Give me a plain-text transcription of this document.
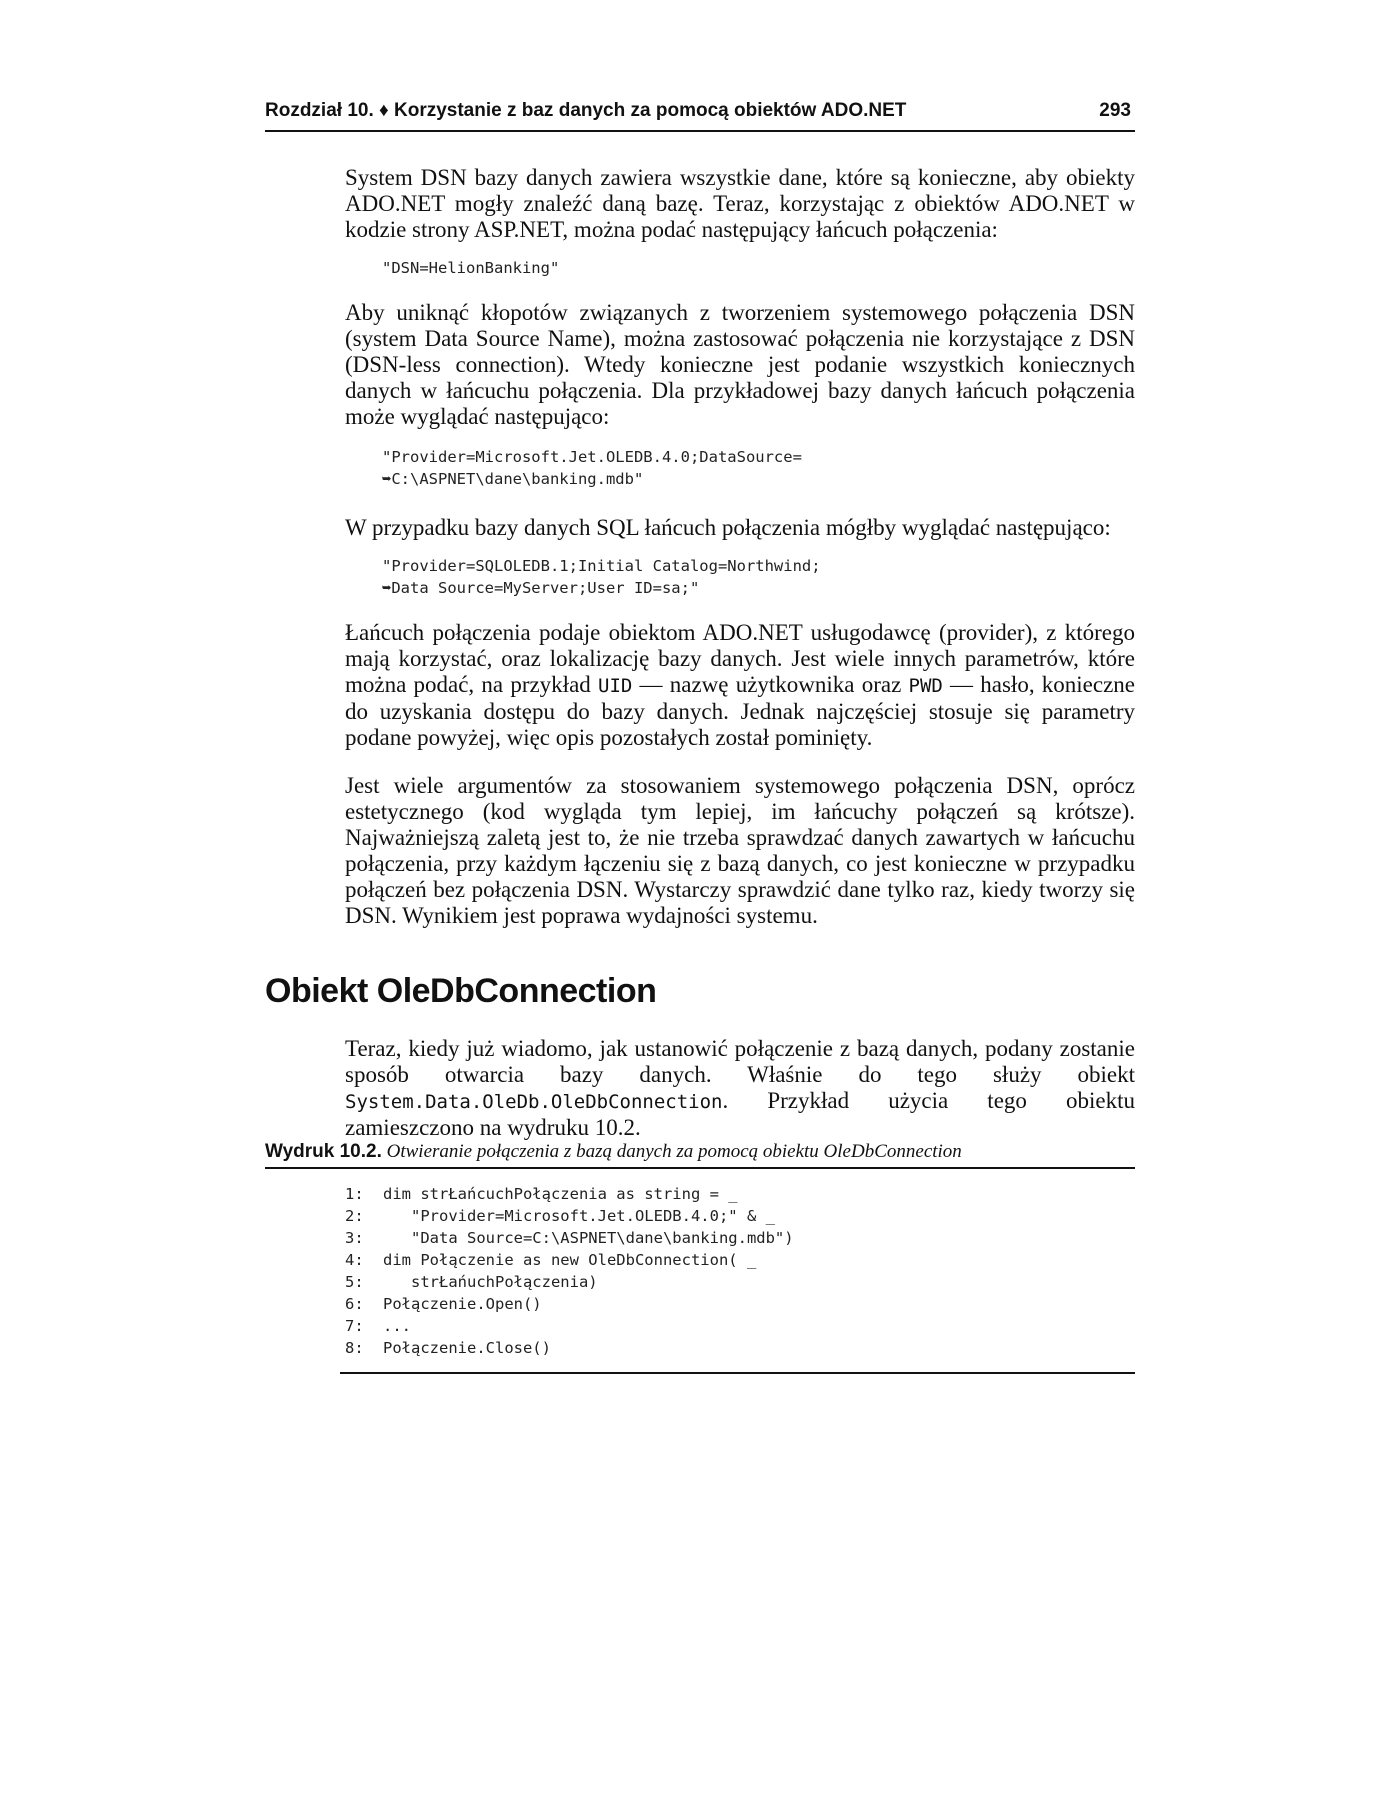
Rozdział 10. ♦ Korzystanie z baz danych za pomocą obiektów ADO.NET	293

System DSN bazy danych zawiera wszystkie dane, które są konieczne, aby obiekty ADO.NET mogły znaleźć daną bazę. Teraz, korzystając z obiektów ADO.NET w kodzie strony ASP.NET, można podać następujący łańcuch połączenia:

"DSN=HelionBanking"

Aby uniknąć kłopotów związanych z tworzeniem systemowego połączenia DSN (system Data Source Name), można zastosować połączenia nie korzystające z DSN (DSN-less connection). Wtedy konieczne jest podanie wszystkich koniecznych danych w łańcuchu połączenia. Dla przykładowej bazy danych łańcuch połączenia może wyglądać następująco:

"Provider=Microsoft.Jet.OLEDB.4.0;DataSource=
➥C:\ASPNET\dane\banking.mdb"

W przypadku bazy danych SQL łańcuch połączenia mógłby wyglądać następująco:

"Provider=SQLOLEDB.1;Initial Catalog=Northwind;
➥Data Source=MyServer;User ID=sa;"

Łańcuch połączenia podaje obiektom ADO.NET usługodawcę (provider), z którego mają korzystać, oraz lokalizację bazy danych. Jest wiele innych parametrów, które można podać, na przykład UID — nazwę użytkownika oraz PWD — hasło, konieczne do uzyskania dostępu do bazy danych. Jednak najczęściej stosuje się parametry podane powyżej, więc opis pozostałych został pominięty.

Jest wiele argumentów za stosowaniem systemowego połączenia DSN, oprócz estetycznego (kod wygląda tym lepiej, im łańcuchy połączeń są krótsze). Najważniejszą zaletą jest to, że nie trzeba sprawdzać danych zawartych w łańcuchu połączenia, przy każdym łączeniu się z bazą danych, co jest konieczne w przypadku połączeń bez połączenia DSN. Wystarczy sprawdzić dane tylko raz, kiedy tworzy się DSN. Wynikiem jest poprawa wydajności systemu.

Obiekt OleDbConnection

Teraz, kiedy już wiadomo, jak ustanowić połączenie z bazą danych, podany zostanie sposób otwarcia bazy danych. Właśnie do tego służy obiekt System.Data.OleDb.OleDbConnection. Przykład użycia tego obiektu zamieszczono na wydruku 10.2.

Wydruk 10.2. Otwieranie połączenia z bazą danych za pomocą obiektu OleDbConnection
1:	dim strŁańcuchPołączenia as string = _
2:	"Provider=Microsoft.Jet.OLEDB.4.0;" & _
3:	"Data Source=C:\ASPNET\dane\banking.mdb")
4:	dim Połączenie as new OleDbConnection( _
5:	strŁańuchPołączenia)
6:	Połączenie.Open()
7:	...
8:	Połączenie.Close()
